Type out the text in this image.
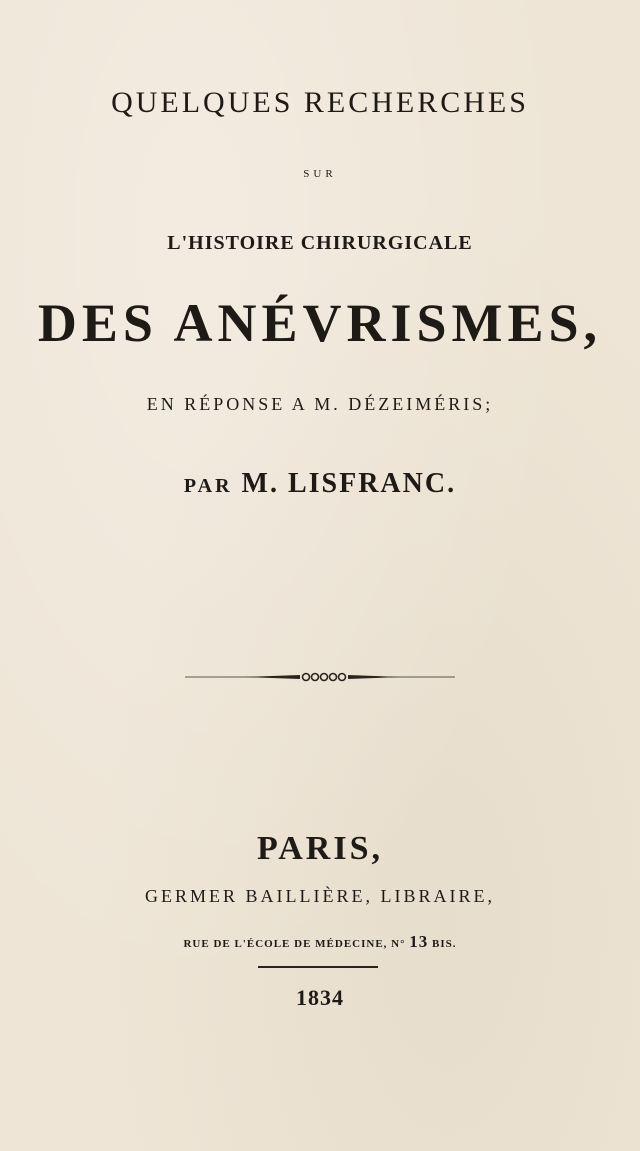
QUELQUES RECHERCHES
SUR
L'HISTOIRE CHIRURGICALE
DES ANÉVRISMES,
EN RÉPONSE A M. DÉZEIMÉRIS;
PAR M. LISFRANC.
PARIS,
GERMER BAILLIÈRE, LIBRAIRE,
RUE DE L'ÉCOLE DE MÉDECINE, N° 13 BIS.
1834
